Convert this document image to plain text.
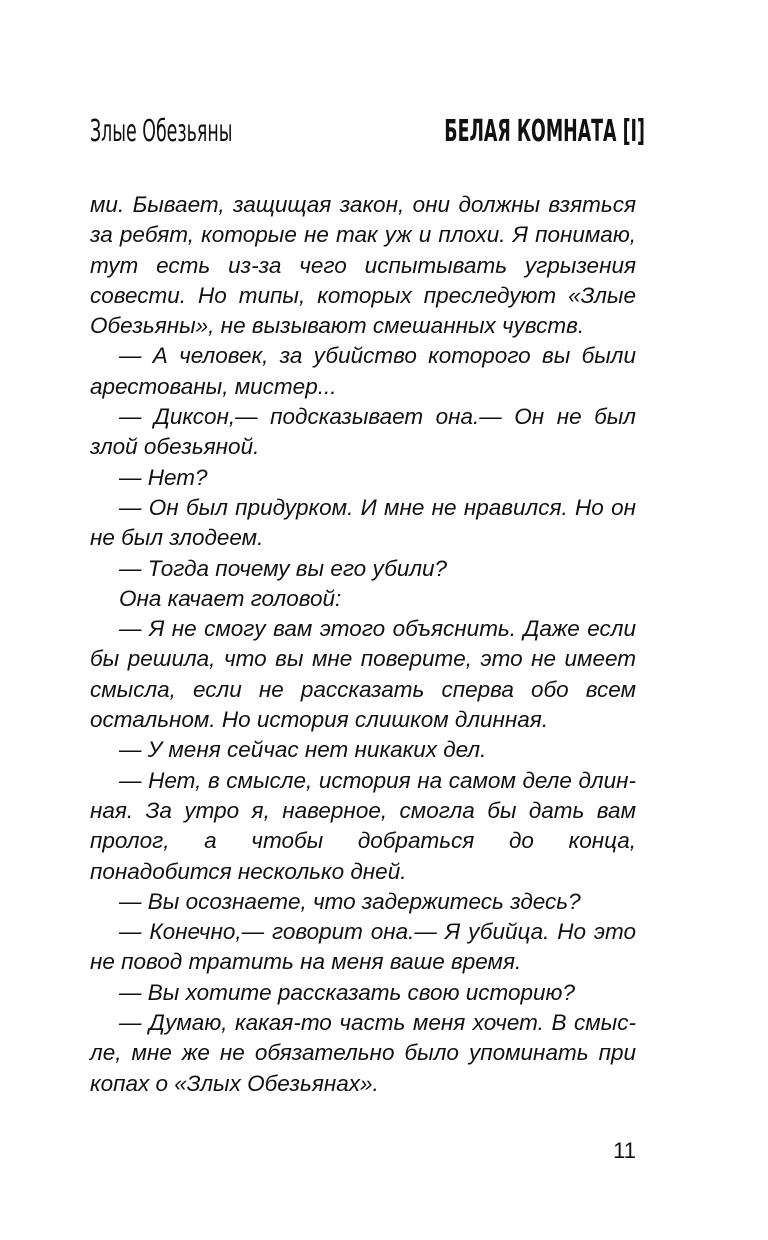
Злые Обезьяны	БЕЛАЯ КОМНАТА [I]

ми. Бывает, защищая закон, они должны взяться за ребят, которые не так уж и плохи. Я понимаю, тут есть из-за чего испытывать угрызения совести. Но типы, которых преследуют «Злые Обезьяны», не вызывают смешанных чувств.

— А человек, за убийство которого вы были арестованы, мистер...

— Диксон,— подсказывает она.— Он не был злой обезьяной.

— Нет?

— Он был придурком. И мне не нравился. Но он не был злодеем.

— Тогда почему вы его убили?

Она качает головой:

— Я не смогу вам этого объяснить. Даже если бы решила, что вы мне поверите, это не имеет смысла, если не рассказать сперва обо всем остальном. Но история слишком длинная.

— У меня сейчас нет никаких дел.

— Нет, в смысле, история на самом деле длинная. За утро я, наверное, смогла бы дать вам пролог, а чтобы добраться до конца, понадобится несколько дней.

— Вы осознаете, что задержитесь здесь?

— Конечно,— говорит она.— Я убийца. Но это не повод тратить на меня ваше время.

— Вы хотите рассказать свою историю?

— Думаю, какая-то часть меня хочет. В смысле, мне же не обязательно было упоминать при копах о «Злых Обезьянах».

11
